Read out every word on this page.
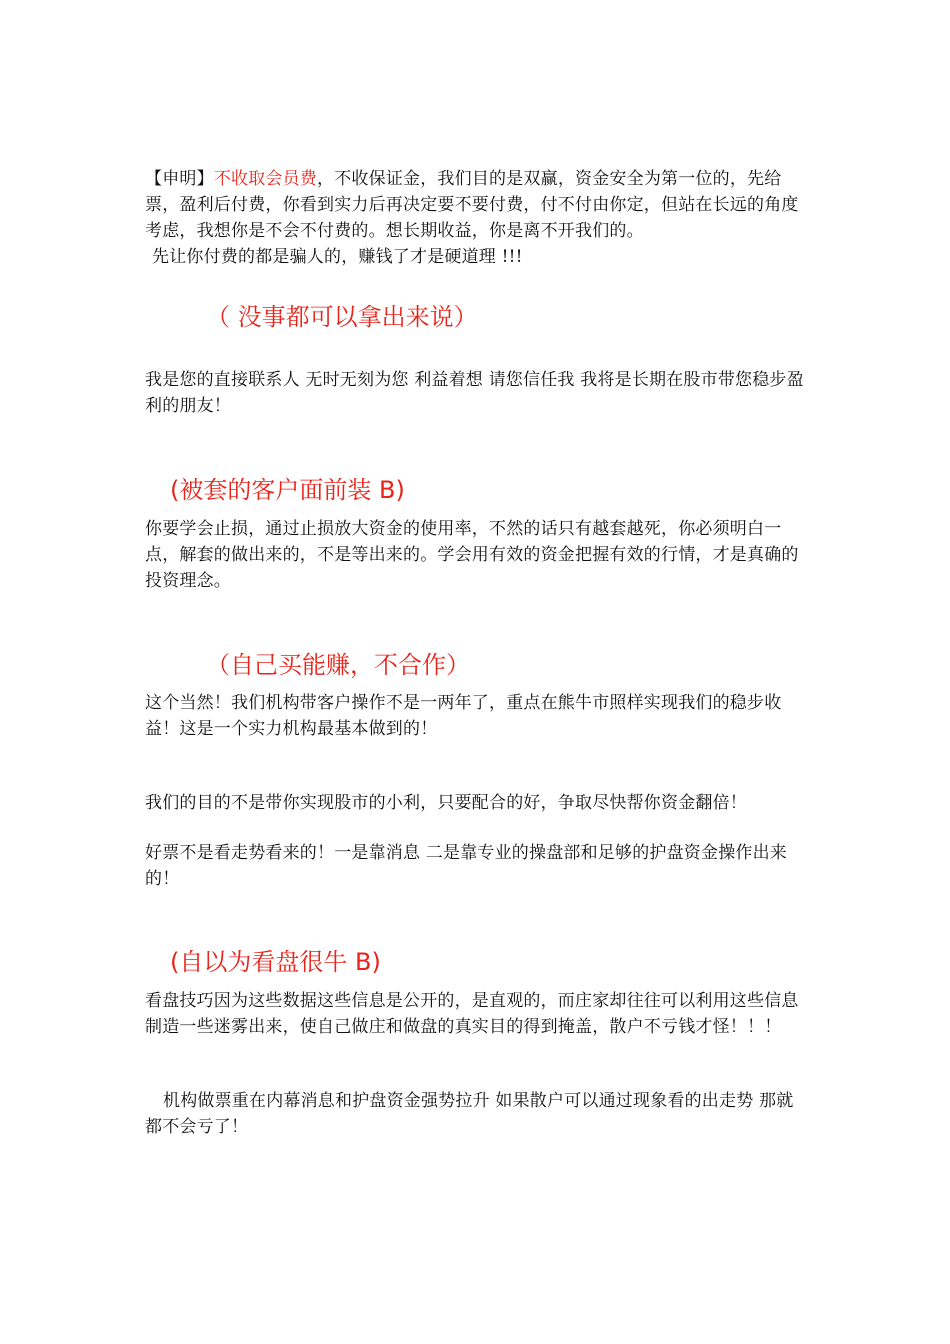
【申明】不收取会员费，不收保证金，我们目的是双赢，资金安全为第一位的，先给票，盈利后付费，你看到实力后再决定要不要付费，付不付由你定，但站在长远的角度考虑，我想你是不会不付费的。想长期收益，你是离不开我们的。

先让你付费的都是骗人的，赚钱了才是硬道理 !!!

（ 没事都可以拿出来说）

我是您的直接联系人 无时无刻为您 利益着想 请您信任我 我将是长期在股市带您稳步盈利的朋友！

(被套的客户面前装 B)

你要学会止损，通过止损放大资金的使用率，不然的话只有越套越死，你必须明白一点，解套的做出来的，不是等出来的。学会用有效的资金把握有效的行情，才是真确的投资理念。

（自己买能赚，不合作）

这个当然！我们机构带客户操作不是一两年了，重点在熊牛市照样实现我们的稳步收益！这是一个实力机构最基本做到的！

我们的目的不是带你实现股市的小利，只要配合的好，争取尽快帮你资金翻倍！

好票不是看走势看来的！一是靠消息 二是靠专业的操盘部和足够的护盘资金操作出来的！

(自以为看盘很牛 B)

看盘技巧因为这些数据这些信息是公开的，是直观的，而庄家却往往可以利用这些信息制造一些迷雾出来，使自己做庄和做盘的真实目的得到掩盖，散户不亏钱才怪！！！

机构做票重在内幕消息和护盘资金强势拉升 如果散户可以通过现象看的出走势 那就都不会亏了！
